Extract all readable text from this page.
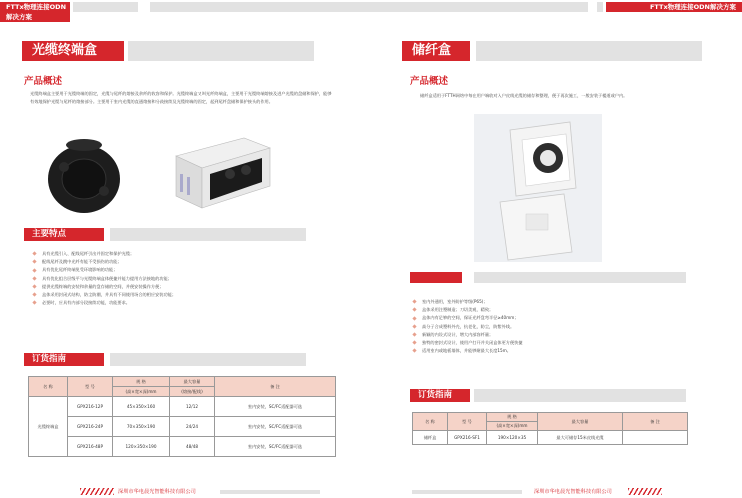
FTTx物理连接ODN解决方案
FTTx物理连接ODN解决方案
光缆终端盒
产品概述
光缆终端盒主要用于光缆终端的固定，光缆与尾纤的熔接及余纤的收容和保护。光缆终端盒又叫光纤终端盒，主要用于光缆终端熔接及进户光缆的盘储和保护，能够有效地保护光缆与尾纤的熔接部分。主要用于室内光缆的直通熔接和分歧接续及光缆终端的固定，起到尾纤盘储和保护接头的作用。
主要特点
具有光缆引入、配线尾纤引出并固定和保护光缆；
配线尾纤及跳中光纤有能不受损伤的功能；
具有优化尾纤终端免受环境影响的功能；
具有优化组合层级平与光缆终端盒体便捷并能力提用方法接地的功能；
提供光缆终端的安装和余量的盘存储的空间，并便安装操作方便；
盒体采用封闭式结构，防尘防潮，并具有不同使用场合的相应安装功能；
必要时，应具有内部分段接续功能，功能要求。
订货指南
名 称	型 号	规 格	最大容量	备 注
		(高×宽×深)mm	(熔接/配线)	
光缆终端盒	GPX216-12P	45×350×160	12/12	室内安装，SC/FC适配器可选
	GPX216-24P	70×350×190	24/24	室内安装，SC/FC适配器可选
	GPX216-48P	120×350×190	48/48	室内安装，SC/FC适配器可选
深圳市华电晨光智能科技有限公司
储纤盒
产品概述
储纤盒适用于FTTH网络中每在用户端收对入户皮线光缆的储存和整理，便于再次施工，一般安装于楼道或户内。
室内外通用，室外防护等级(P65)；
盒体采用注塑制造；刀切美观、精致；
盒体内有足够的空间，保证光纤盘弯半径≥40mm；
高分子合成塑料外壳，抗老化，防尘，防紫外线。
新颖的内设式设计，增大内部容纤量；
独特的密封式设计，使用户打开并关闭盒体更方便快捷
适用室内或地板墙体，并能够耐最大长度15m。
订货指南
名 称	型 号	规 格	最大容量	备 注
		(高×宽×深)mm		
储纤盒	GPX216-SF1	190×120×35	最大可储存15米皮线光缆	
深圳市华电晨光智能科技有限公司
